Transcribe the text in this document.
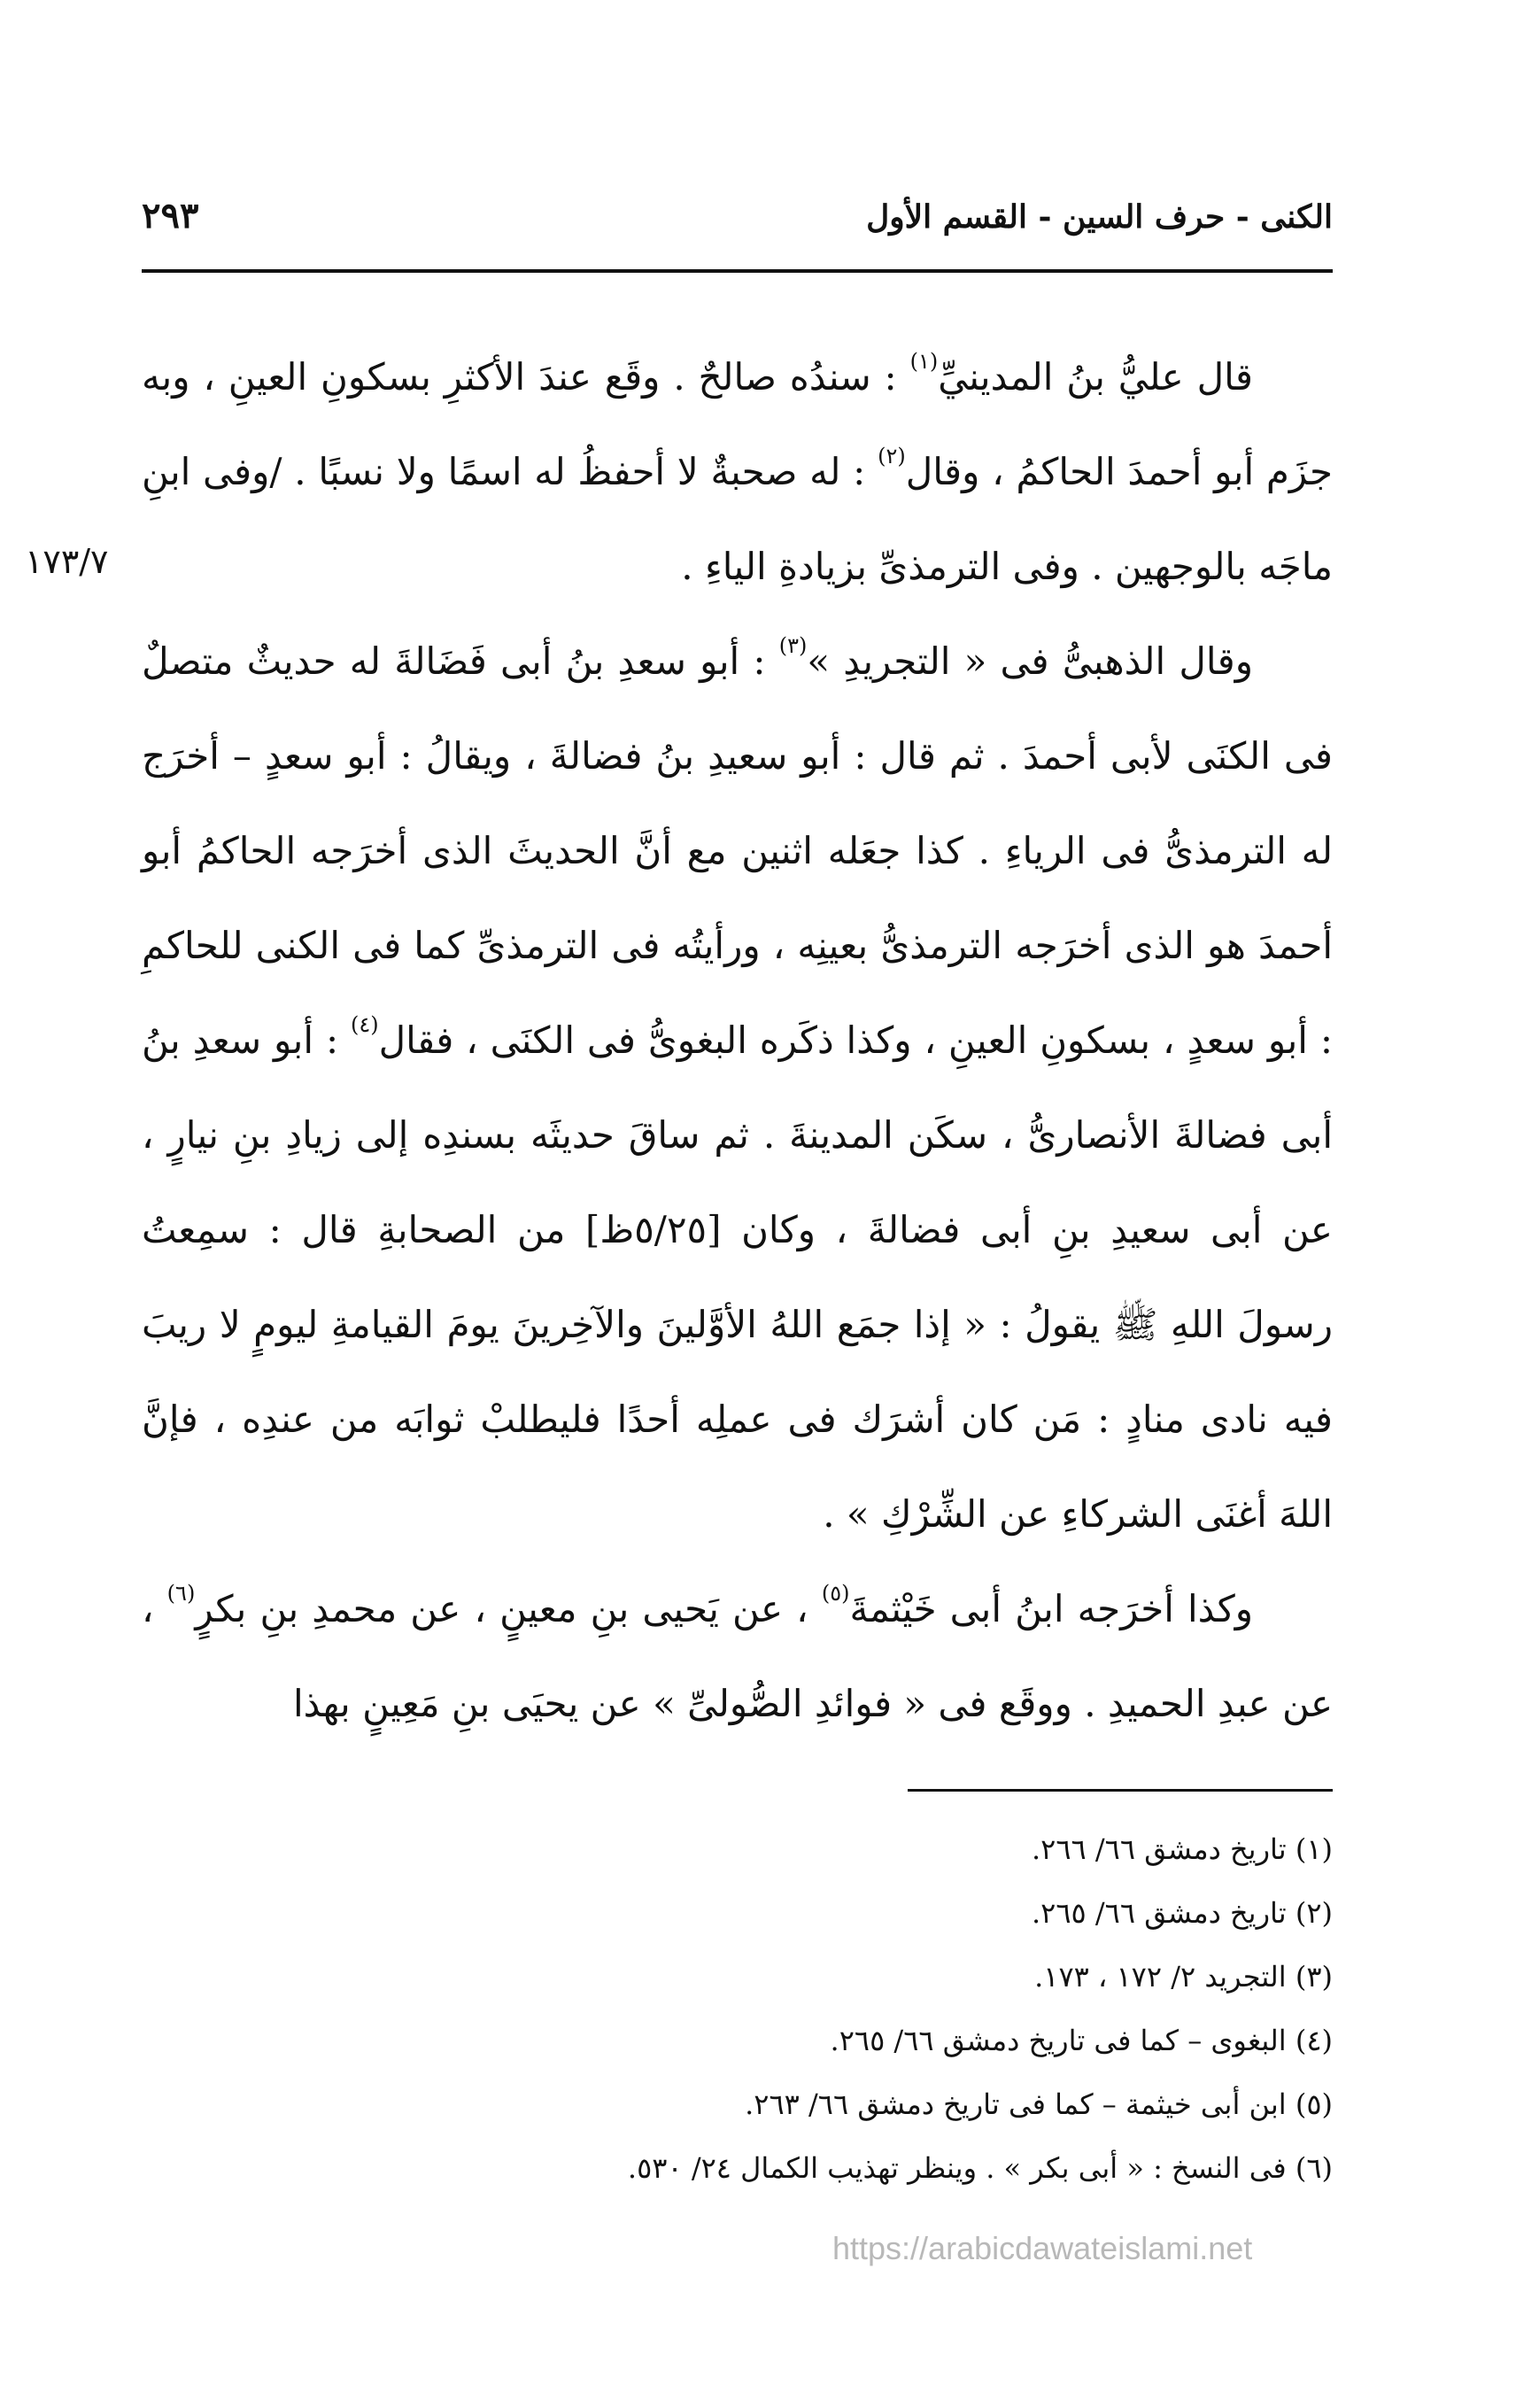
الكنى - حرف السين - القسم الأول
٢٩٣
١٧٣/٧

قال عليُّ بنُ المدينيِّ$^{(١)}$ : سندُه صالحٌ . وقَع عندَ الأكثرِ بسكونِ العينِ ، وبه جزَم أبو أحمدَ الحاكمُ ، وقال$^{(٢)}$ : له صحبةٌ لا أحفظُ له اسمًا ولا نسبًا . /وفى ابنِ ماجَه بالوجهين . وفى الترمذىِّ بزيادةِ الياءِ .

وقال الذهبىُّ فى « التجريدِ »$^{(٣)}$ : أبو سعدِ بنُ أبى فَضَالةَ له حديثٌ متصلٌ فى الكنَى لأبى أحمدَ . ثم قال : أبو سعيدِ بنُ فضالةَ ، ويقالُ : أبو سعدٍ – أخرَج له الترمذىُّ فى الرياءِ . كذا جعَله اثنين مع أنَّ الحديثَ الذى أخرَجه الحاكمُ أبو أحمدَ هو الذى أخرَجه الترمذىُّ بعينِه ، ورأيتُه فى الترمذىِّ كما فى الكنى للحاكمِ : أبو سعدٍ ، بسكونِ العينِ ، وكذا ذكَره البغوىُّ فى الكنَى ، فقال$^{(٤)}$ : أبو سعدِ بنُ أبى فضالةَ الأنصارىُّ ، سكَن المدينةَ . ثم ساقَ حديثَه بسندِه إلى زيادِ بنِ نيارٍ ، عن أبى سعيدِ بنِ أبى فضالةَ ، وكان [٥/٢٥ظ] من الصحابةِ قال : سمِعتُ رسولَ اللهِ ﷺ يقولُ : « إذا جمَع اللهُ الأوَّلينَ والآخِرينَ يومَ القيامةِ ليومٍ لا ريبَ فيه نادى منادٍ : مَن كان أشرَك فى عملِه أحدًا فليطلبْ ثوابَه من عندِه ، فإنَّ اللهَ أغنَى الشركاءِ عن الشِّرْكِ » .

وكذا أخرَجه ابنُ أبى خَيْثمةَ$^{(٥)}$ ، عن يَحيى بنِ معينٍ ، عن محمدِ بنِ بكرٍ$^{(٦)}$ ، عن عبدِ الحميدِ . ووقَع فى « فوائدِ الصُّولىِّ » عن يحيَى بنِ مَعِينٍ بهذا

(١) تاريخ دمشق ٦٦/ ٢٦٦.
(٢) تاريخ دمشق ٦٦/ ٢٦٥.
(٣) التجريد ٢/ ١٧٢ ، ١٧٣.
(٤) البغوى – كما فى تاريخ دمشق ٦٦/ ٢٦٥.
(٥) ابن أبى خيثمة – كما فى تاريخ دمشق ٦٦/ ٢٦٣.
(٦) فى النسخ : « أبى بكر » . وينظر تهذيب الكمال ٢٤/ ٥٣٠.
https://arabicdawateislami.net
